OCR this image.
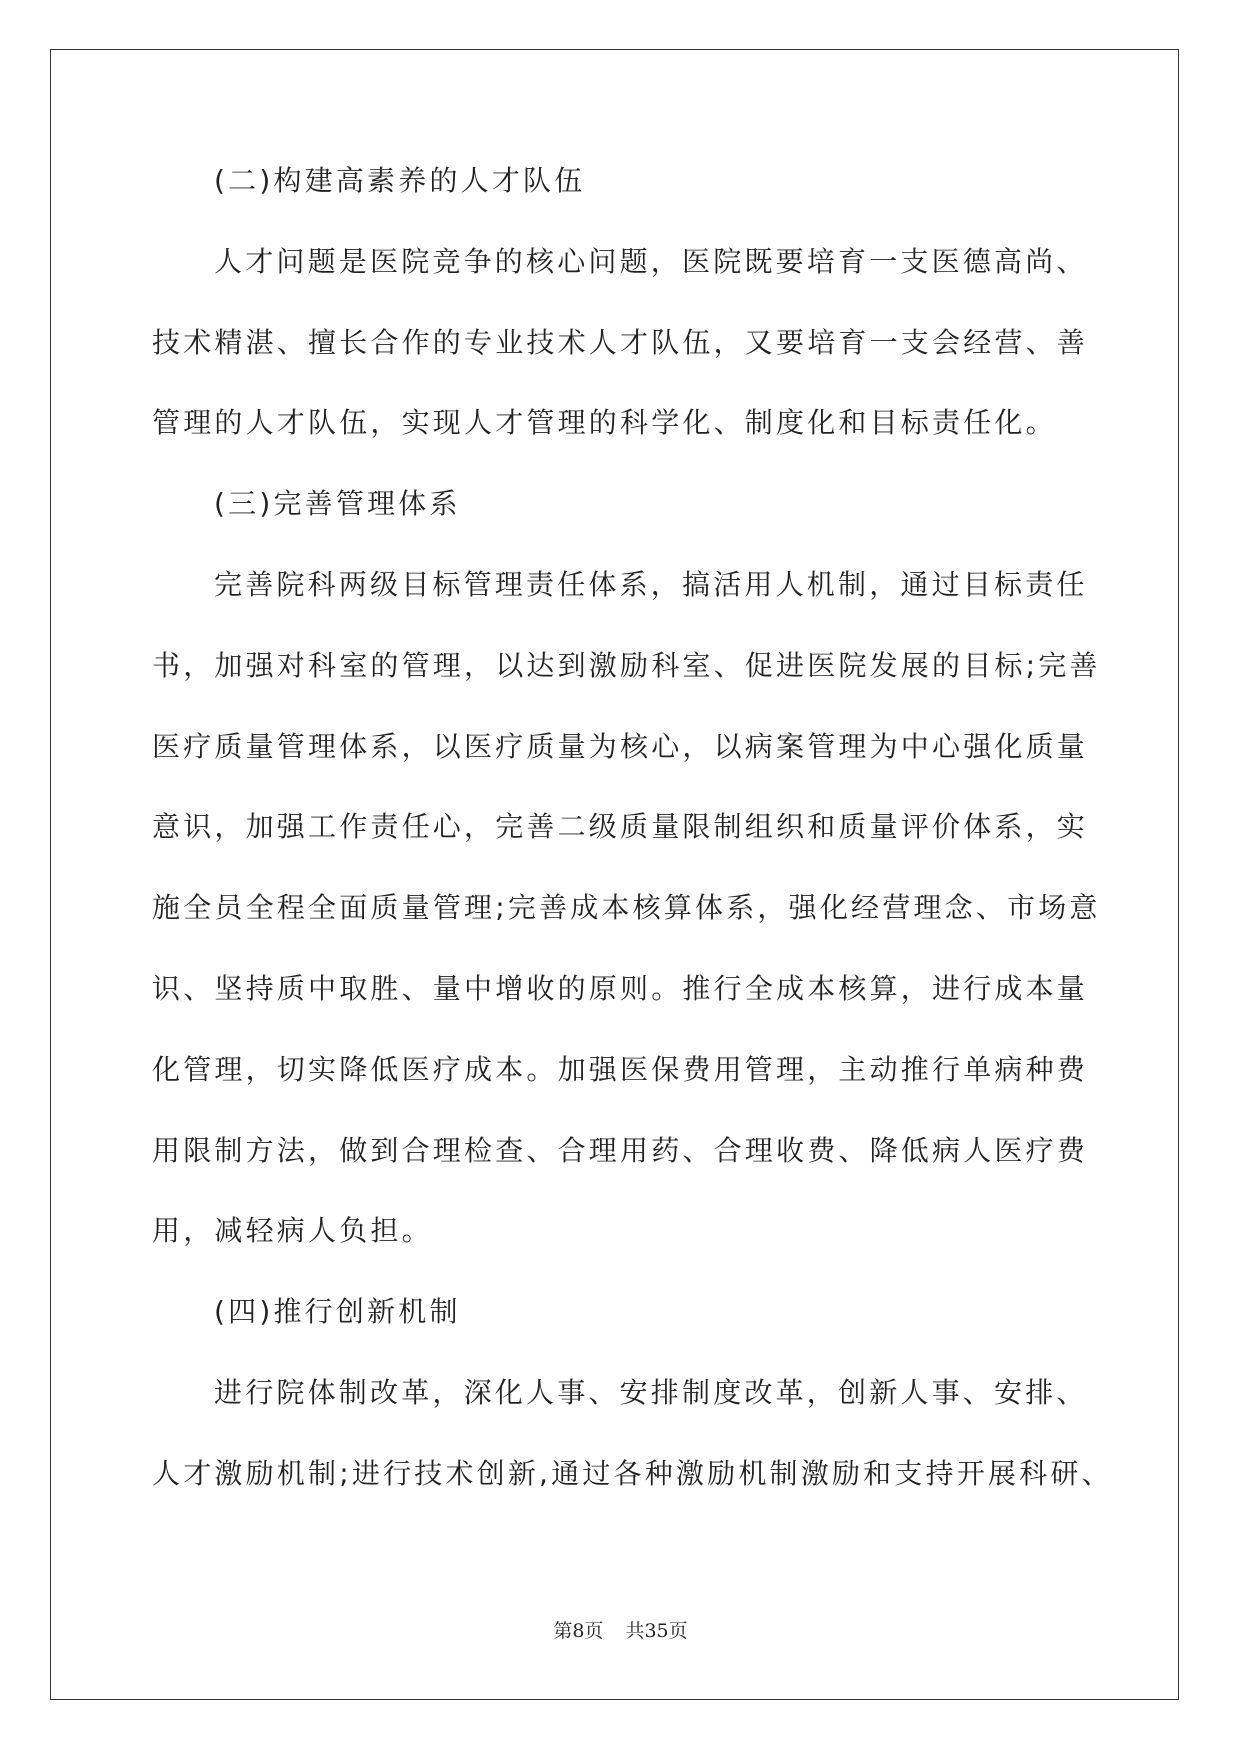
(二)构建高素养的人才队伍
人才问题是医院竞争的核心问题，医院既要培育一支医德高尚、
技术精湛、擅长合作的专业技术人才队伍，又要培育一支会经营、善
管理的人才队伍，实现人才管理的科学化、制度化和目标责任化。
(三)完善管理体系
完善院科两级目标管理责任体系，搞活用人机制，通过目标责任
书，加强对科室的管理，以达到激励科室、促进医院发展的目标;完善
医疗质量管理体系，以医疗质量为核心，以病案管理为中心强化质量
意识，加强工作责任心，完善二级质量限制组织和质量评价体系，实
施全员全程全面质量管理;完善成本核算体系，强化经营理念、市场意
识、坚持质中取胜、量中增收的原则。推行全成本核算，进行成本量
化管理，切实降低医疗成本。加强医保费用管理，主动推行单病种费
用限制方法，做到合理检查、合理用药、合理收费、降低病人医疗费
用，减轻病人负担。
(四)推行创新机制
进行院体制改革，深化人事、安排制度改革，创新人事、安排、
人才激励机制;进行技术创新,通过各种激励机制激励和支持开展科研、
第8页 共35页
